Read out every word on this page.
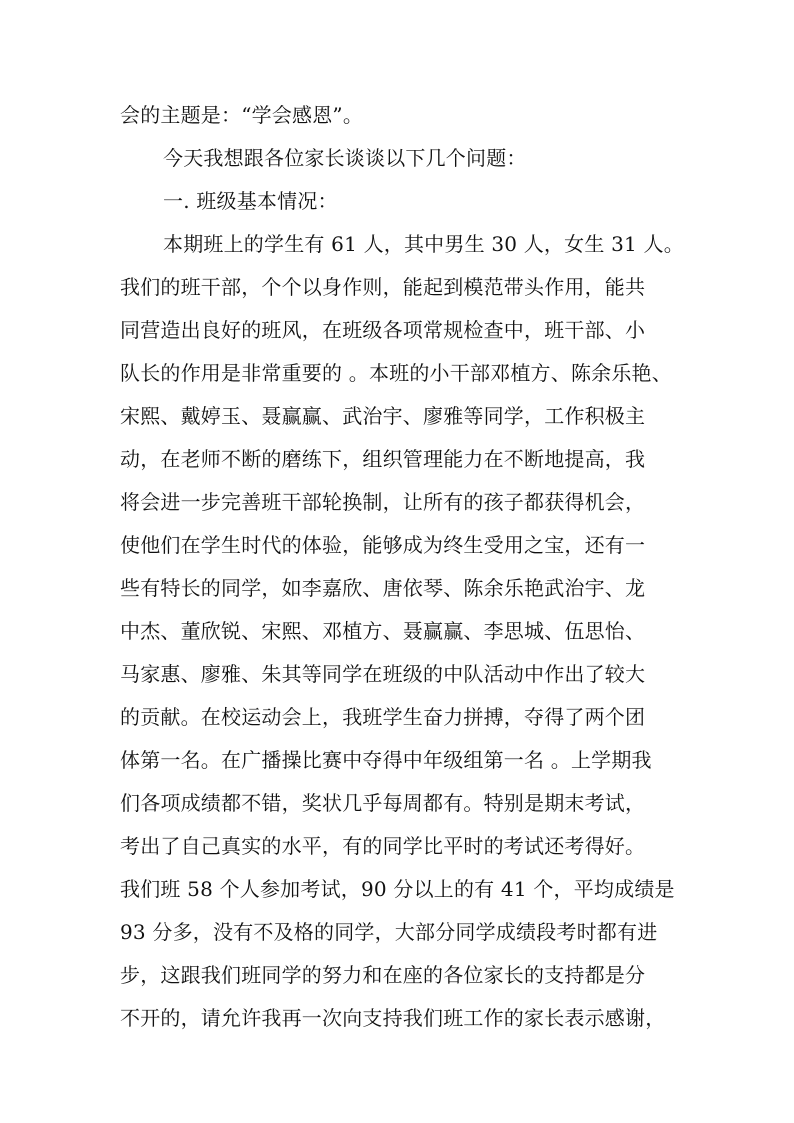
会的主题是：“学会感恩”。
今天我想跟各位家长谈谈以下几个问题：
一. 班级基本情况：
本期班上的学生有 61 人，其中男生 30 人，女生 31 人。
我们的班干部，个个以身作则，能起到模范带头作用，能共
同营造出良好的班风，在班级各项常规检查中，班干部、小
队长的作用是非常重要的 。本班的小干部邓植方、陈余乐艳、
宋熙、戴婷玉、聂赢赢、武治宇、廖雅等同学，工作积极主
动，在老师不断的磨练下，组织管理能力在不断地提高，我
将会进一步完善班干部轮换制，让所有的孩子都获得机会，
使他们在学生时代的体验，能够成为终生受用之宝，还有一
些有特长的同学，如李嘉欣、唐依琴、陈余乐艳武治宇、龙
中杰、董欣锐、宋熙、邓植方、聂赢赢、李思城、伍思怡、
马家惠、廖雅、朱其等同学在班级的中队活动中作出了较大
的贡献。在校运动会上，我班学生奋力拼搏，夺得了两个团
体第一名。在广播操比赛中夺得中年级组第一名 。上学期我
们各项成绩都不错，奖状几乎每周都有。特别是期末考试，
考出了自己真实的水平，有的同学比平时的考试还考得好。
我们班 58 个人参加考试，90 分以上的有 41 个，平均成绩是
93 分多，没有不及格的同学，大部分同学成绩段考时都有进
步，这跟我们班同学的努力和在座的各位家长的支持都是分
不开的，请允许我再一次向支持我们班工作的家长表示感谢，
